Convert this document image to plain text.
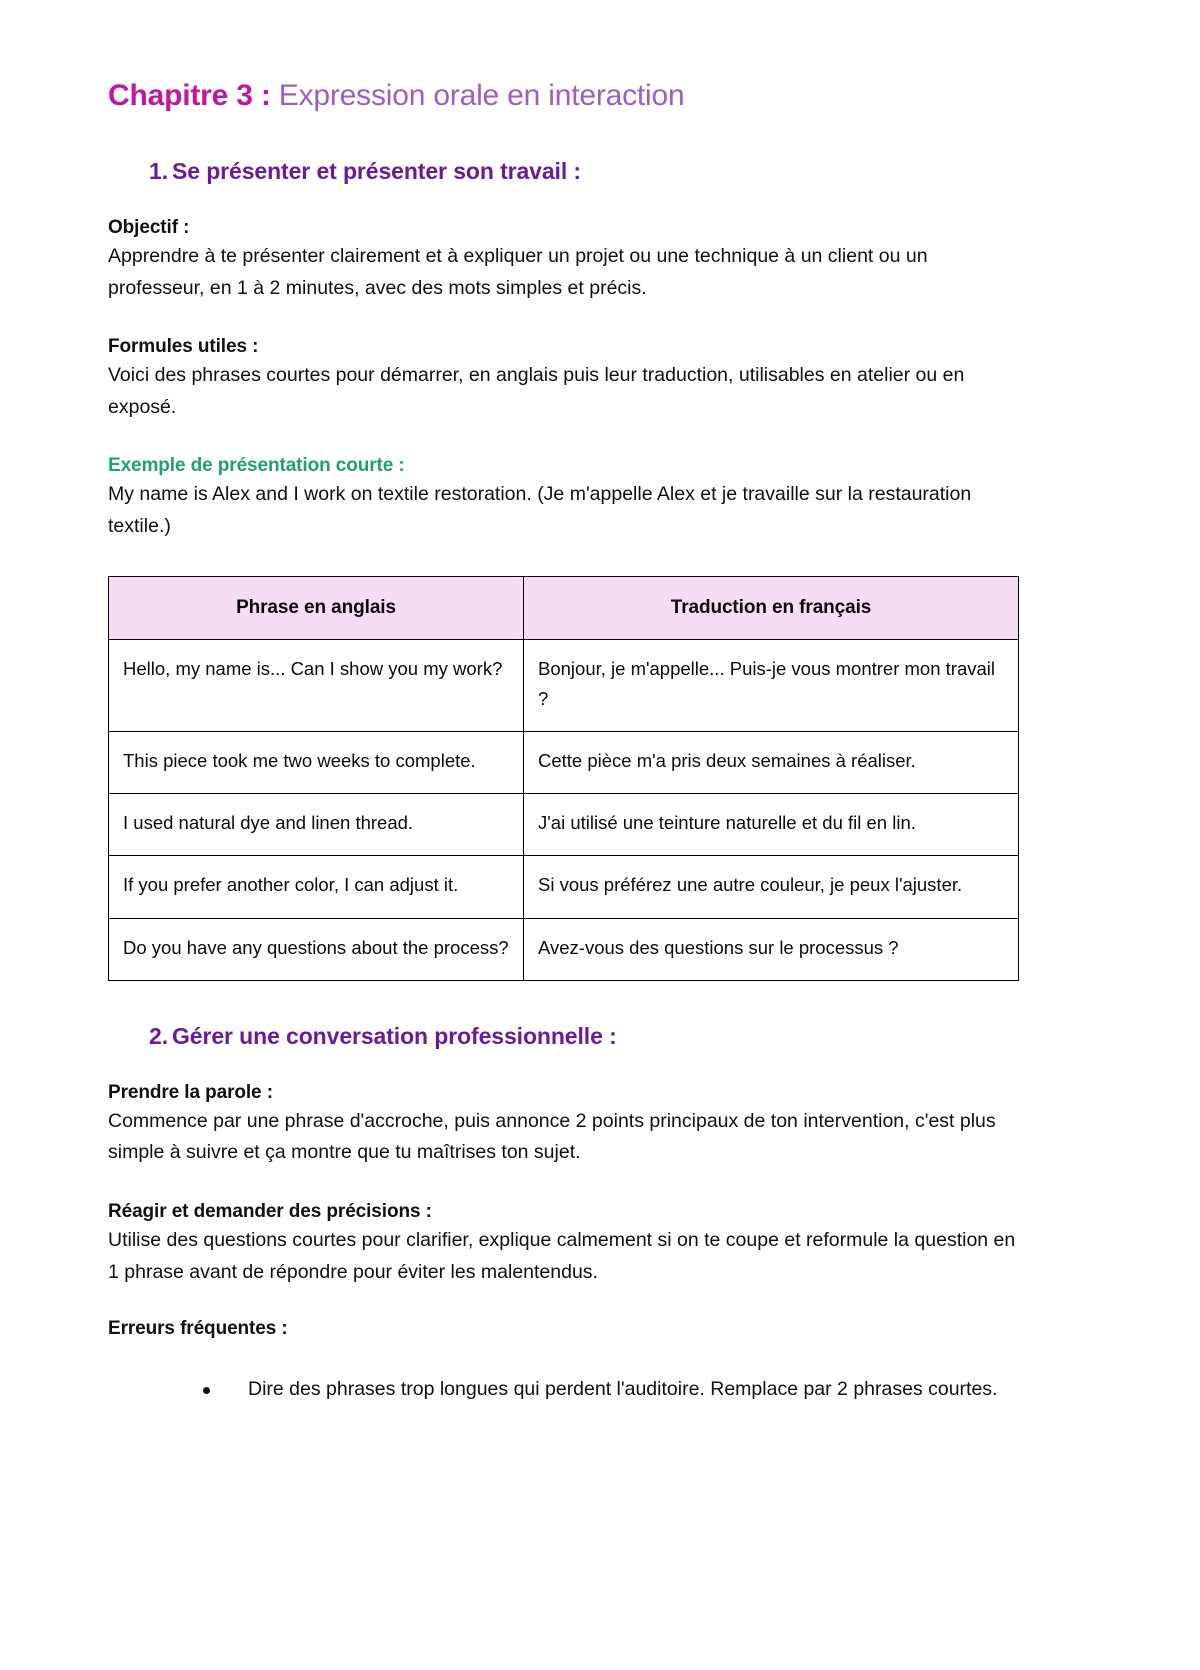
Chapitre 3 : Expression orale en interaction
1. Se présenter et présenter son travail :
Objectif :

Apprendre à te présenter clairement et à expliquer un projet ou une technique à un client ou un professeur, en 1 à 2 minutes, avec des mots simples et précis.

Formules utiles :

Voici des phrases courtes pour démarrer, en anglais puis leur traduction, utilisables en atelier ou en exposé.

Exemple de présentation courte :

My name is Alex and I work on textile restoration. (Je m'appelle Alex et je travaille sur la restauration textile.)

Phrase en anglais	Traduction en français
Hello, my name is... Can I show you my work?	Bonjour, je m'appelle... Puis-je vous montrer mon travail ?
This piece took me two weeks to complete.	Cette pièce m'a pris deux semaines à réaliser.
I used natural dye and linen thread.	J'ai utilisé une teinture naturelle et du fil en lin.
If you prefer another color, I can adjust it.	Si vous préférez une autre couleur, je peux l'ajuster.
Do you have any questions about the process?	Avez-vous des questions sur le processus ?
2. Gérer une conversation professionnelle :
Prendre la parole :

Commence par une phrase d'accroche, puis annonce 2 points principaux de ton intervention, c'est plus simple à suivre et ça montre que tu maîtrises ton sujet.

Réagir et demander des précisions :

Utilise des questions courtes pour clarifier, explique calmement si on te coupe et reformule la question en 1 phrase avant de répondre pour éviter les malentendus.

Erreurs fréquentes :
Dire des phrases trop longues qui perdent l'auditoire. Remplace par 2 phrases courtes.
